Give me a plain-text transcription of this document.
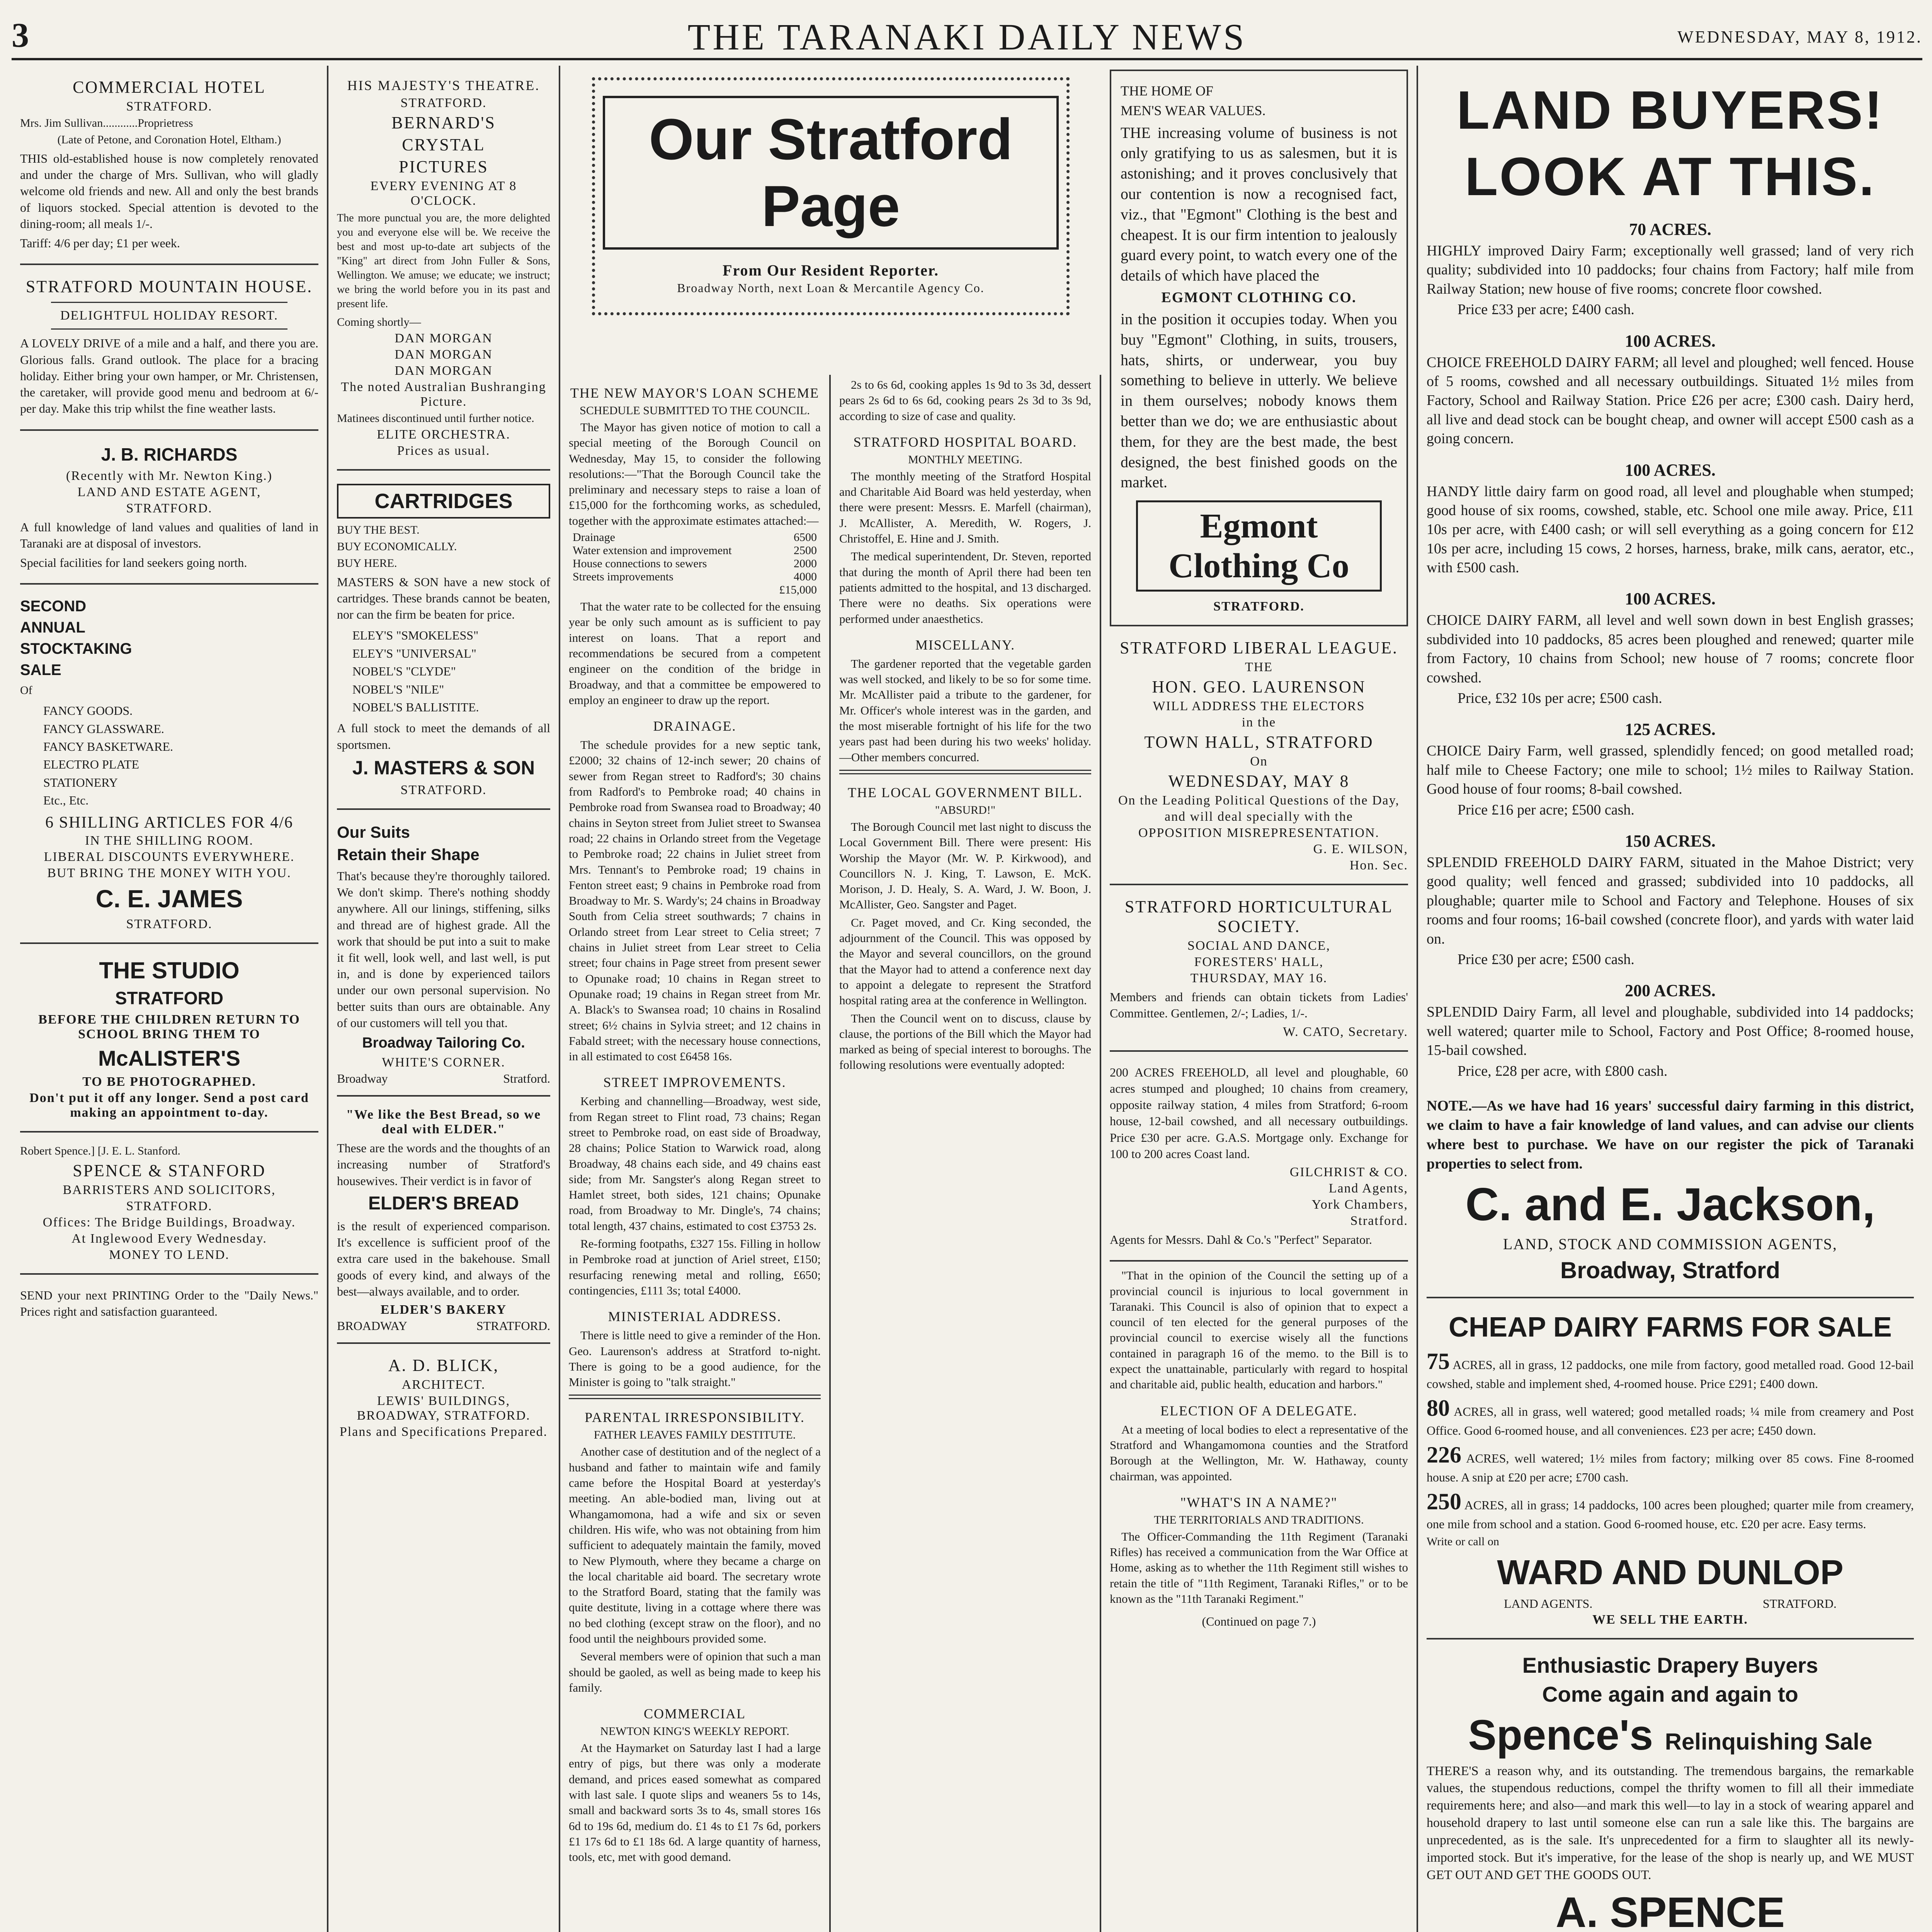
3	THE TARANAKI DAILY NEWS	WEDNESDAY, MAY 8, 1912.
COMMERCIAL HOTEL
STRATFORD.
Mrs. Jim Sullivan............Proprietress
(Late of Petone, and Coronation Hotel, Eltham.)
THIS old-established house is now completely renovated and under the charge of Mrs. Sullivan, who will gladly welcome old friends and new. All and only the best brands of liquors stocked. Special attention is devoted to the dining-room; all meals 1/-.
Tariff: 4/6 per day; £1 per week.
STRATFORD MOUNTAIN HOUSE.
DELIGHTFUL HOLIDAY RESORT.
A LOVELY DRIVE of a mile and a half, and there you are. Glorious falls. Grand outlook. The place for a bracing holiday. Either bring your own hamper, or Mr. Christensen, the caretaker, will provide good menu and bedroom at 6/- per day. Make this trip whilst the fine weather lasts.
J. B. RICHARDS
(Recently with Mr. Newton King.)
LAND AND ESTATE AGENT,
STRATFORD.
A full knowledge of land values and qualities of land in Taranaki are at disposal of investors.
Special facilities for land seekers going north.
SECOND
ANNUAL
STOCKTAKING
SALE
Of
FANCY GOODS.
FANCY GLASSWARE.
FANCY BASKETWARE.
ELECTRO PLATE
STATIONERY
Etc., Etc.
6 SHILLING ARTICLES FOR 4/6
IN THE SHILLING ROOM.
LIBERAL DISCOUNTS EVERYWHERE.
BUT BRING THE MONEY WITH YOU.
C. E. JAMES
STRATFORD.
THE STUDIO
STRATFORD
BEFORE THE CHILDREN RETURN TO SCHOOL BRING THEM TO
McALISTER'S
TO BE PHOTOGRAPHED.
Don't put it off any longer. Send a post card making an appointment to-day.
Robert Spence.] [J. E. L. Stanford.
SPENCE & STANFORD
BARRISTERS AND SOLICITORS,
STRATFORD.
Offices: The Bridge Buildings, Broadway.
At Inglewood Every Wednesday.
MONEY TO LEND.
SEND your next PRINTING Order to the "Daily News." Prices right and satisfaction guaranteed.
HIS MAJESTY'S THEATRE.
STRATFORD.
BERNARD'S
CRYSTAL
PICTURES
EVERY EVENING AT 8 O'CLOCK.
The more punctual you are, the more delighted you and everyone else will be. We receive the best and most up-to-date art subjects of the "King" art direct from John Fuller & Sons, Wellington. We amuse; we educate; we instruct; we bring the world before you in its past and present life.
Coming shortly—
DAN MORGAN
DAN MORGAN
DAN MORGAN
The noted Australian Bushranging Picture.
Matinees discontinued until further notice.
ELITE ORCHESTRA.
Prices as usual.
CARTRIDGES
BUY THE BEST.
BUY ECONOMICALLY.
BUY HERE.
MASTERS & SON have a new stock of cartridges. These brands cannot be beaten, nor can the firm be beaten for price.
ELEY'S "SMOKELESS"
ELEY'S "UNIVERSAL"
NOBEL'S "CLYDE"
NOBEL'S "NILE"
NOBEL'S BALLISTITE.
A full stock to meet the demands of all sportsmen.
J. MASTERS & SON
STRATFORD.
Our Suits
Retain their Shape
That's because they're thoroughly tailored. We don't skimp. There's nothing shoddy anywhere. All our linings, stiffening, silks and thread are of highest grade. All the work that should be put into a suit to make it fit well, look well, and last well, is put in, and is done by experienced tailors under our own personal supervision. No better suits than ours are obtainable. Any of our customers will tell you that.
Broadway Tailoring Co.
WHITE'S CORNER.
Broadway	Stratford.
"We like the Best Bread, so we deal with ELDER."
These are the words and the thoughts of an increasing number of Stratford's housewives. Their verdict is in favor of
ELDER'S BREAD
is the result of experienced comparison. It's excellence is sufficient proof of the extra care used in the bakehouse. Small goods of every kind, and always of the best—always available, and to order.
ELDER'S BAKERY
BROADWAY	STRATFORD.
A. D. BLICK,
ARCHITECT.
LEWIS' BUILDINGS, BROADWAY, STRATFORD.
Plans and Specifications Prepared.
Our Stratford Page
From Our Resident Reporter.
Broadway North, next Loan & Mercantile Agency Co.
THE NEW MAYOR'S LOAN SCHEME
SCHEDULE SUBMITTED TO THE COUNCIL.

The Mayor has given notice of motion to call a special meeting of the Borough Council on Wednesday, May 15, to consider the following resolutions:—"That the Borough Council take the preliminary and necessary steps to raise a loan of £15,000 for the forthcoming works, as scheduled, together with the approximate estimates attached:—

Drainage	6500
Water extension and improvement	2500
House connections to sewers	2000
Streets improvements	4000
£15,000

That the water rate to be collected for the ensuing year be only such amount as is sufficient to pay interest on loans. That a report and recommendations be secured from a competent engineer on the condition of the bridge in Broadway, and that a committee be empowered to employ an engineer to draw up the report.

DRAINAGE.

The schedule provides for a new septic tank, £2000; 32 chains of 12-inch sewer; 20 chains of sewer from Regan street to Radford's; 30 chains from Radford's to Pembroke road; 40 chains in Pembroke road from Swansea road to Broadway; 40 chains in Seyton street from Juliet street to Swansea road; 22 chains in Orlando street from the Vegetage to Pembroke road; 22 chains in Juliet street from Mrs. Tennant's to Pembroke road; 19 chains in Fenton street east; 9 chains in Pembroke road from Broadway to Mr. S. Wardy's; 24 chains in Broadway South from Celia street southwards; 7 chains in Orlando street from Lear street to Celia street; 7 chains in Juliet street from Lear street to Celia street; four chains in Page street from present sewer to Opunake road; 10 chains in Regan street to Opunake road; 19 chains in Regan street from Mr. A. Black's to Swansea road; 10 chains in Rosalind street; 6½ chains in Sylvia street; and 12 chains in Fabald street; with the necessary house connections, in all estimated to cost £6458 16s.

STREET IMPROVEMENTS.

Kerbing and channelling—Broadway, west side, from Regan street to Flint road, 73 chains; Regan street to Pembroke road, on east side of Broadway, 28 chains; Police Station to Warwick road, along Broadway, 48 chains each side, and 49 chains east side; from Mr. Sangster's along Regan street to Hamlet street, both sides, 121 chains; Opunake road, from Broadway to Mr. Dingle's, 74 chains; total length, 437 chains, estimated to cost £3753 2s.

Re-forming footpaths, £327 15s. Filling in hollow in Pembroke road at junction of Ariel street, £150; resurfacing renewing metal and rolling, £650; contingencies, £111 3s; total £4000.

MINISTERIAL ADDRESS.

There is little need to give a reminder of the Hon. Geo. Laurenson's address at Stratford to-night. There is going to be a good audience, for the Minister is going to "talk straight."

PARENTAL IRRESPONSIBILITY.
FATHER LEAVES FAMILY DESTITUTE.

Another case of destitution and of the neglect of a husband and father to maintain wife and family came before the Hospital Board at yesterday's meeting. An able-bodied man, living out at Whangamomona, had a wife and six or seven children. His wife, who was not obtaining from him sufficient to adequately maintain the family, moved to New Plymouth, where they became a charge on the local charitable aid board. The secretary wrote to the Stratford Board, stating that the family was quite destitute, living in a cottage where there was no bed clothing (except straw on the floor), and no food until the neighbours provided some.

Several members were of opinion that such a man should be gaoled, as well as being made to keep his family.

COMMERCIAL
NEWTON KING'S WEEKLY REPORT.

At the Haymarket on Saturday last I had a large entry of pigs, but there was only a moderate demand, and prices eased somewhat as compared with last sale. I quote slips and weaners 5s to 14s, small and backward sorts 3s to 4s, small stores 16s 6d to 19s 6d, medium do. £1 4s to £1 7s 6d, porkers £1 17s 6d to £1 18s 6d. A large quantity of harness, tools, etc, met with good demand.

2s to 6s 6d, cooking apples 1s 9d to 3s 3d, dessert pears 2s 6d to 6s 6d, cooking pears 2s 3d to 3s 9d, according to size of case and quality.

STRATFORD HOSPITAL BOARD.
MONTHLY MEETING.

The monthly meeting of the Stratford Hospital and Charitable Aid Board was held yesterday, when there were present: Messrs. E. Marfell (chairman), J. McAllister, A. Meredith, W. Rogers, J. Christoffel, E. Hine and J. Smith.

The medical superintendent, Dr. Steven, reported that during the month of April there had been ten patients admitted to the hospital, and 13 discharged. There were no deaths. Six operations were performed under anaesthetics.

MISCELLANY.

The gardener reported that the vegetable garden was well stocked, and likely to be so for some time. Mr. McAllister paid a tribute to the gardener, for Mr. Officer's whole interest was in the garden, and the most miserable fortnight of his life for the two years past had been during his two weeks' holiday.—Other members concurred.

THE LOCAL GOVERNMENT BILL.
"ABSURD!"

The Borough Council met last night to discuss the Local Government Bill. There were present: His Worship the Mayor (Mr. W. P. Kirkwood), and Councillors N. J. King, T. Lawson, E. McK. Morison, J. D. Healy, S. A. Ward, J. W. Boon, J. McAllister, Geo. Sangster and Paget.

Cr. Paget moved, and Cr. King seconded, the adjournment of the Council. This was opposed by the Mayor and several councillors, on the ground that the Mayor had to attend a conference next day to appoint a delegate to represent the Stratford hospital rating area at the conference in Wellington.

Then the Council went on to discuss, clause by clause, the portions of the Bill which the Mayor had marked as being of special interest to boroughs. The following resolutions were eventually adopted:

THE HOME OF
MEN'S WEAR VALUES.
THE increasing volume of business is not only gratifying to us as salesmen, but it is astonishing; and it proves conclusively that our contention is now a recognised fact, viz., that "Egmont" Clothing is the best and cheapest. It is our firm intention to jealously guard every point, to watch every one of the details of which have placed the
EGMONT CLOTHING CO.
in the position it occupies today. When you buy "Egmont" Clothing, in suits, trousers, hats, shirts, or underwear, you buy something to believe in utterly. We believe in them ourselves; nobody knows them better than we do; we are enthusiastic about them, for they are the best made, the best designed, the best finished goods on the market.
Egmont Clothing Co
STRATFORD.
STRATFORD LIBERAL LEAGUE.
THE
HON. GEO. LAURENSON
WILL ADDRESS THE ELECTORS
in the
TOWN HALL, STRATFORD
On
WEDNESDAY, MAY 8
On the Leading Political Questions of the Day,
and will deal specially with the
OPPOSITION MISREPRESENTATION.
G. E. WILSON,
Hon. Sec.
STRATFORD HORTICULTURAL SOCIETY.
SOCIAL AND DANCE,
FORESTERS' HALL,
THURSDAY, MAY 16.
Members and friends can obtain tickets from Ladies' Committee. Gentlemen, 2/-; Ladies, 1/-.
W. CATO, Secretary.
200 ACRES FREEHOLD, all level and ploughable, 60 acres stumped and ploughed; 10 chains from creamery, opposite railway station, 4 miles from Stratford; 6-room house, 12-bail cowshed, and all necessary outbuildings. Price £30 per acre. G.A.S. Mortgage only. Exchange for 100 to 200 acres Coast land.
GILCHRIST & CO.
Land Agents,
York Chambers,
Stratford.
Agents for Messrs. Dahl & Co.'s "Perfect" Separator.

"That in the opinion of the Council the setting up of a provincial council is injurious to local government in Taranaki. This Council is also of opinion that to expect a council of ten elected for the general purposes of the provincial council to exercise wisely all the functions contained in paragraph 16 of the memo. to the Bill is to expect the unattainable, particularly with regard to hospital and charitable aid, public health, education and harbors."

ELECTION OF A DELEGATE.

At a meeting of local bodies to elect a representative of the Stratford and Whangamomona counties and the Stratford Borough at the Wellington, Mr. W. Hathaway, county chairman, was appointed.

"WHAT'S IN A NAME?"
THE TERRITORIALS AND TRADITIONS.

The Officer-Commanding the 11th Regiment (Taranaki Rifles) has received a communication from the War Office at Home, asking as to whether the 11th Regiment still wishes to retain the title of "11th Regiment, Taranaki Rifles," or to be known as the "11th Taranaki Regiment."

(Continued on page 7.)
LAND BUYERS!
LOOK AT THIS.
70 ACRES.

HIGHLY improved Dairy Farm; exceptionally well grassed; land of very rich quality; subdivided into 10 paddocks; four chains from Factory; half mile from Railway Station; new house of five rooms; concrete floor cowshed.

Price £33 per acre; £400 cash.

100 ACRES.

CHOICE FREEHOLD DAIRY FARM; all level and ploughed; well fenced. House of 5 rooms, cowshed and all necessary outbuildings. Situated 1½ miles from Factory, School and Railway Station. Price £26 per acre; £300 cash. Dairy herd, all live and dead stock can be bought cheap, and owner will accept £500 cash as a going concern.

100 ACRES.

HANDY little dairy farm on good road, all level and ploughable when stumped; good house of six rooms, cowshed, stable, etc. School one mile away. Price, £11 10s per acre, with £400 cash; or will sell everything as a going concern for £12 10s per acre, including 15 cows, 2 horses, harness, brake, milk cans, aerator, etc., with £500 cash.

100 ACRES.

CHOICE DAIRY FARM, all level and well sown down in best English grasses; subdivided into 10 paddocks, 85 acres been ploughed and renewed; quarter mile from Factory, 10 chains from School; new house of 7 rooms; concrete floor cowshed.

Price, £32 10s per acre; £500 cash.

125 ACRES.

CHOICE Dairy Farm, well grassed, splendidly fenced; on good metalled road; half mile to Cheese Factory; one mile to school; 1½ miles to Railway Station. Good house of four rooms; 8-bail cowshed.

Price £16 per acre; £500 cash.

150 ACRES.

SPLENDID FREEHOLD DAIRY FARM, situated in the Mahoe District; very good quality; well fenced and grassed; subdivided into 10 paddocks, all ploughable; quarter mile to School and Factory and Telephone. Houses of six rooms and four rooms; 16-bail cowshed (concrete floor), and yards with water laid on.

Price £30 per acre; £500 cash.

200 ACRES.

SPLENDID Dairy Farm, all level and ploughable, subdivided into 14 paddocks; well watered; quarter mile to School, Factory and Post Office; 8-roomed house, 15-bail cowshed.

Price, £28 per acre, with £800 cash.

NOTE.—As we have had 16 years' successful dairy farming in this district, we claim to have a fair knowledge of land values, and can advise our clients where best to purchase. We have on our register the pick of Taranaki properties to select from.
C. and E. Jackson,
LAND, STOCK AND COMMISSION AGENTS,
Broadway, Stratford
CHEAP DAIRY FARMS FOR SALE
75 ACRES, all in grass, 12 paddocks, one mile from factory, good metalled road. Good 12-bail cowshed, stable and implement shed, 4-roomed house. Price £291; £400 down.
80 ACRES, all in grass, well watered; good metalled roads; ¼ mile from creamery and Post Office. Good 6-roomed house, and all conveniences. £23 per acre; £450 down.
226 ACRES, well watered; 1½ miles from factory; milking over 85 cows. Fine 8-roomed house. A snip at £20 per acre; £700 cash.
250 ACRES, all in grass; 14 paddocks, 100 acres been ploughed; quarter mile from creamery, one mile from school and a station. Good 6-roomed house, etc. £20 per acre. Easy terms.
Write or call on
WARD AND DUNLOP
LAND AGENTS.	STRATFORD.
WE SELL THE EARTH.
Enthusiastic Drapery Buyers
Come again and again to
Spence's Relinquishing Sale
THERE'S a reason why, and its outstanding. The tremendous bargains, the remarkable values, the stupendous reductions, compel the thrifty women to fill all their immediate requirements here; and also—and mark this well—to lay in a stock of wearing apparel and household drapery to last until someone else can run a sale like this. The bargains are unprecedented, as is the sale. It's unprecedented for a firm to slaughter all its newly-imported stock. But it's imperative, for the lease of the shop is nearly up, and WE MUST GET OUT AND GET THE GOODS OUT.
A. SPENCE
